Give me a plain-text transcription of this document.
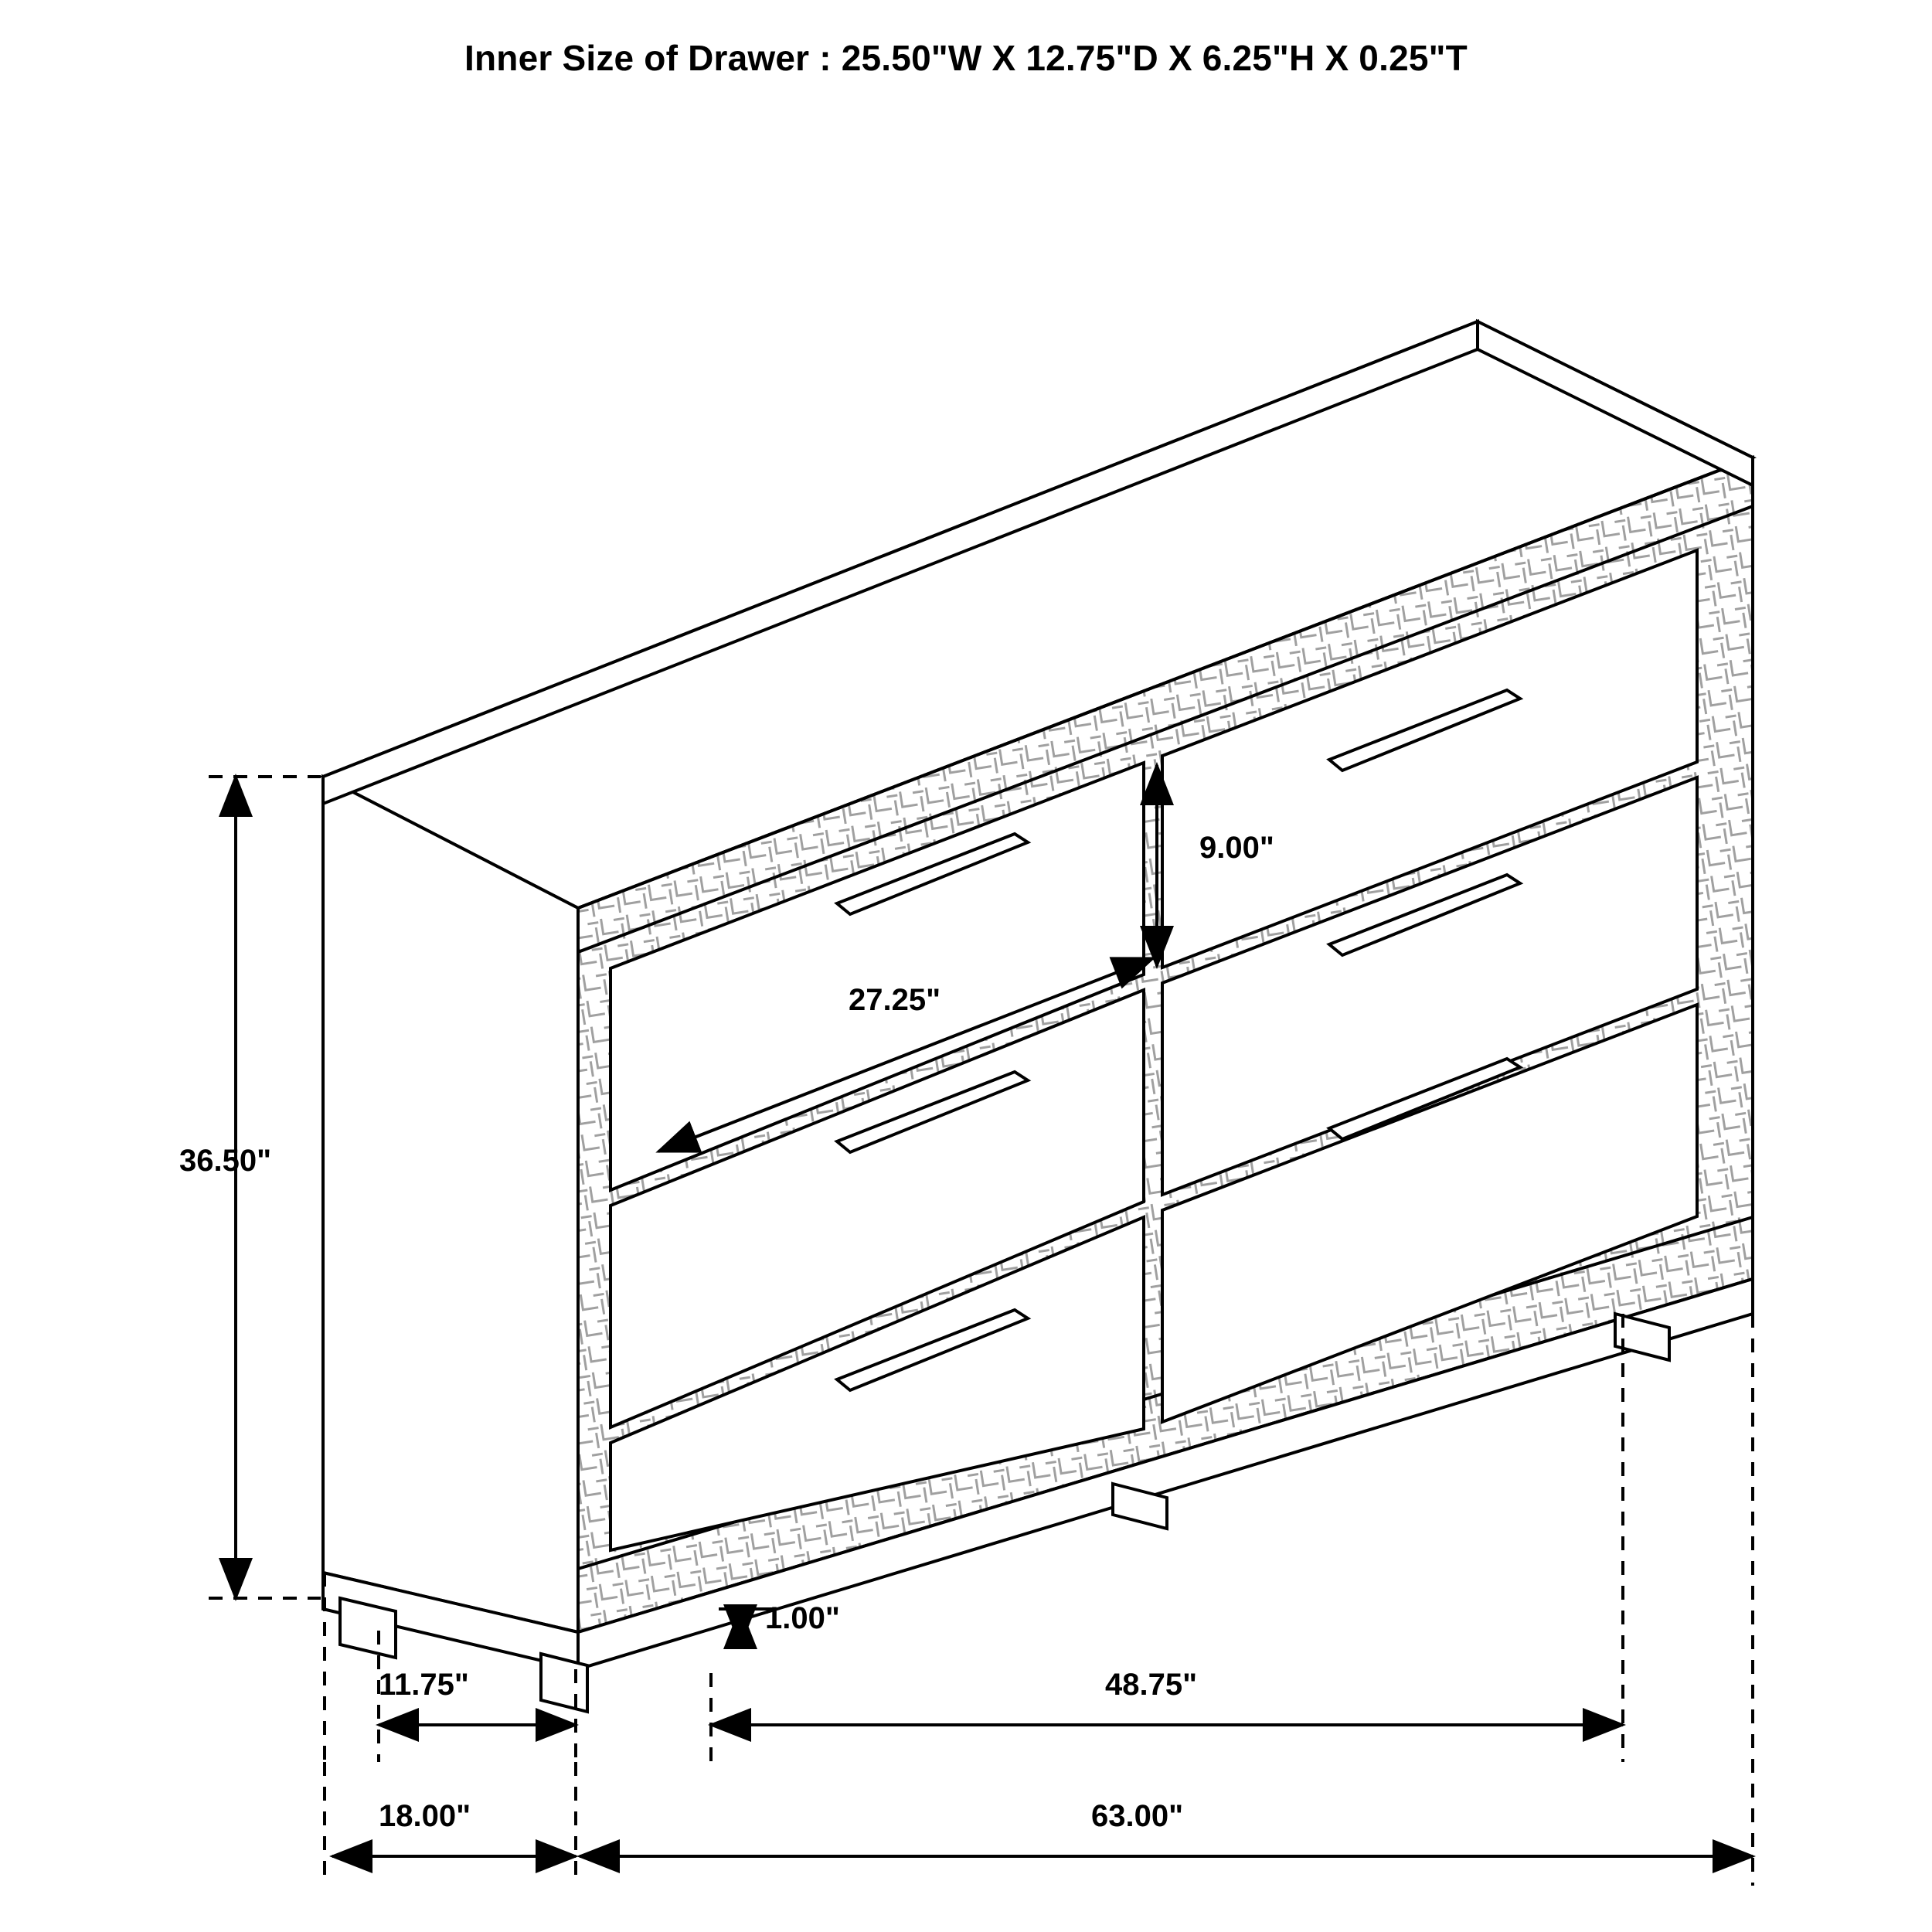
Inner Size of Drawer : 25.50"W X 12.75"D X 6.25"H X 0.25"T
36.50"
9.00"
27.25"
1.00"
11.75"	48.75"
18.00"	63.00"
